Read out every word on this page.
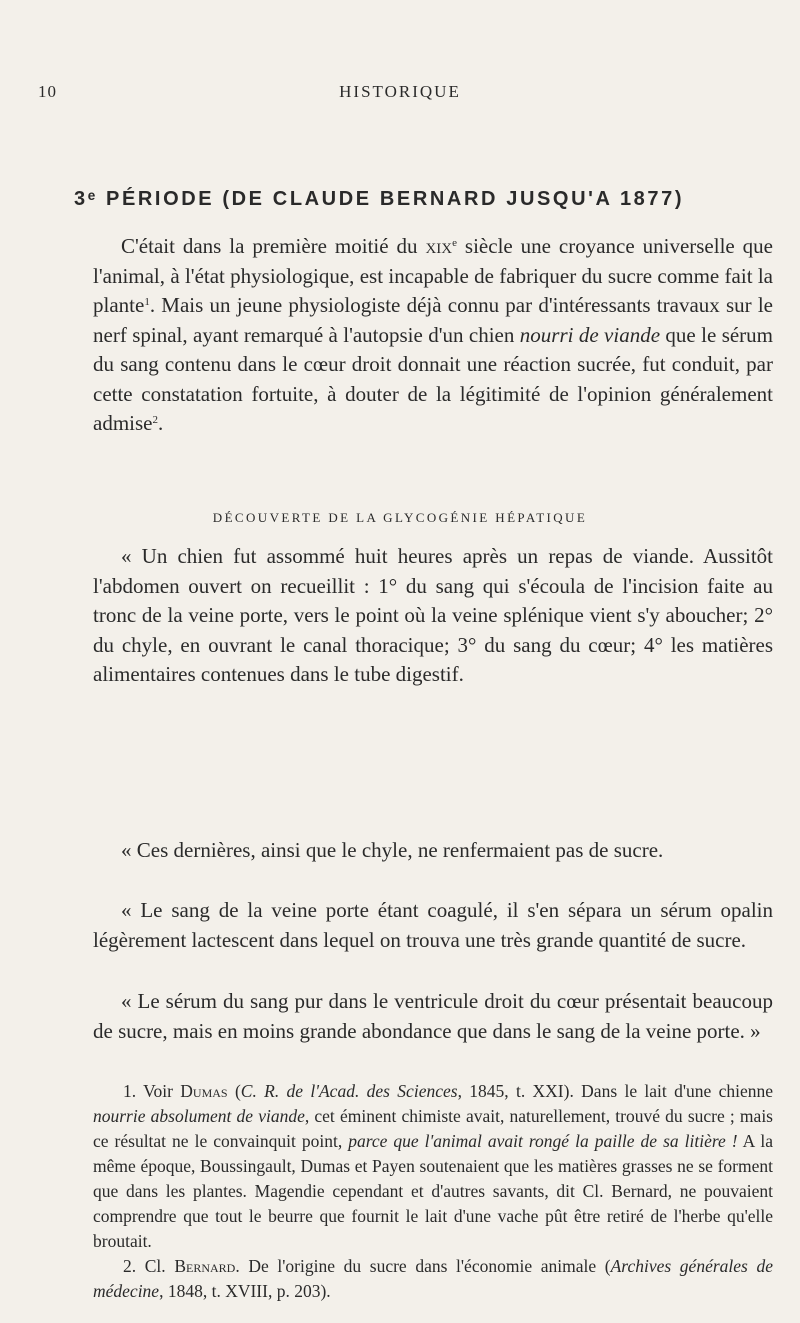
10	HISTORIQUE
3ᵉ PÉRIODE (DE CLAUDE BERNARD JUSQU'A 1877)

C'était dans la première moitié du xix$^e$ siècle une croyance universelle que l'animal, à l'état physiologique, est incapable de fabriquer du sucre comme fait la plante$^1$. Mais un jeune physiologiste déjà connu par d'intéressants travaux sur le nerf spinal, ayant remarqué à l'autopsie d'un chien nourri de viande que le sérum du sang contenu dans le cœur droit donnait une réaction sucrée, fut conduit, par cette constatation fortuite, à douter de la légitimité de l'opinion généralement admise$^2$.

DÉCOUVERTE DE LA GLYCOGÉNIE HÉPATIQUE

« Un chien fut assommé huit heures après un repas de viande. Aussitôt l'abdomen ouvert on recueillit : 1° du sang qui s'écoula de l'incision faite au tronc de la veine porte, vers le point où la veine splénique vient s'y aboucher; 2° du chyle, en ouvrant le canal thoracique; 3° du sang du cœur; 4° les matières alimentaires contenues dans le tube digestif.

« Ces dernières, ainsi que le chyle, ne renfermaient pas de sucre.

« Le sang de la veine porte étant coagulé, il s'en sépara un sérum opalin légèrement lactescent dans lequel on trouva une très grande quantité de sucre.

« Le sérum du sang pur dans le ventricule droit du cœur présentait beaucoup de sucre, mais en moins grande abondance que dans le sang de la veine porte. »

1. Voir Dumas (C. R. de l'Acad. des Sciences, 1845, t. XXI). Dans le lait d'une chienne nourrie absolument de viande, cet éminent chimiste avait, naturellement, trouvé du sucre ; mais ce résultat ne le convainquit point, parce que l'animal avait rongé la paille de sa litière ! A la même époque, Boussingault, Dumas et Payen soutenaient que les matières grasses ne se forment que dans les plantes. Magendie cependant et d'autres savants, dit Cl. Bernard, ne pouvaient comprendre que tout le beurre que fournit le lait d'une vache pût être retiré de l'herbe qu'elle broutait.

2. Cl. Bernard. De l'origine du sucre dans l'économie animale (Archives générales de médecine, 1848, t. XVIII, p. 203).
